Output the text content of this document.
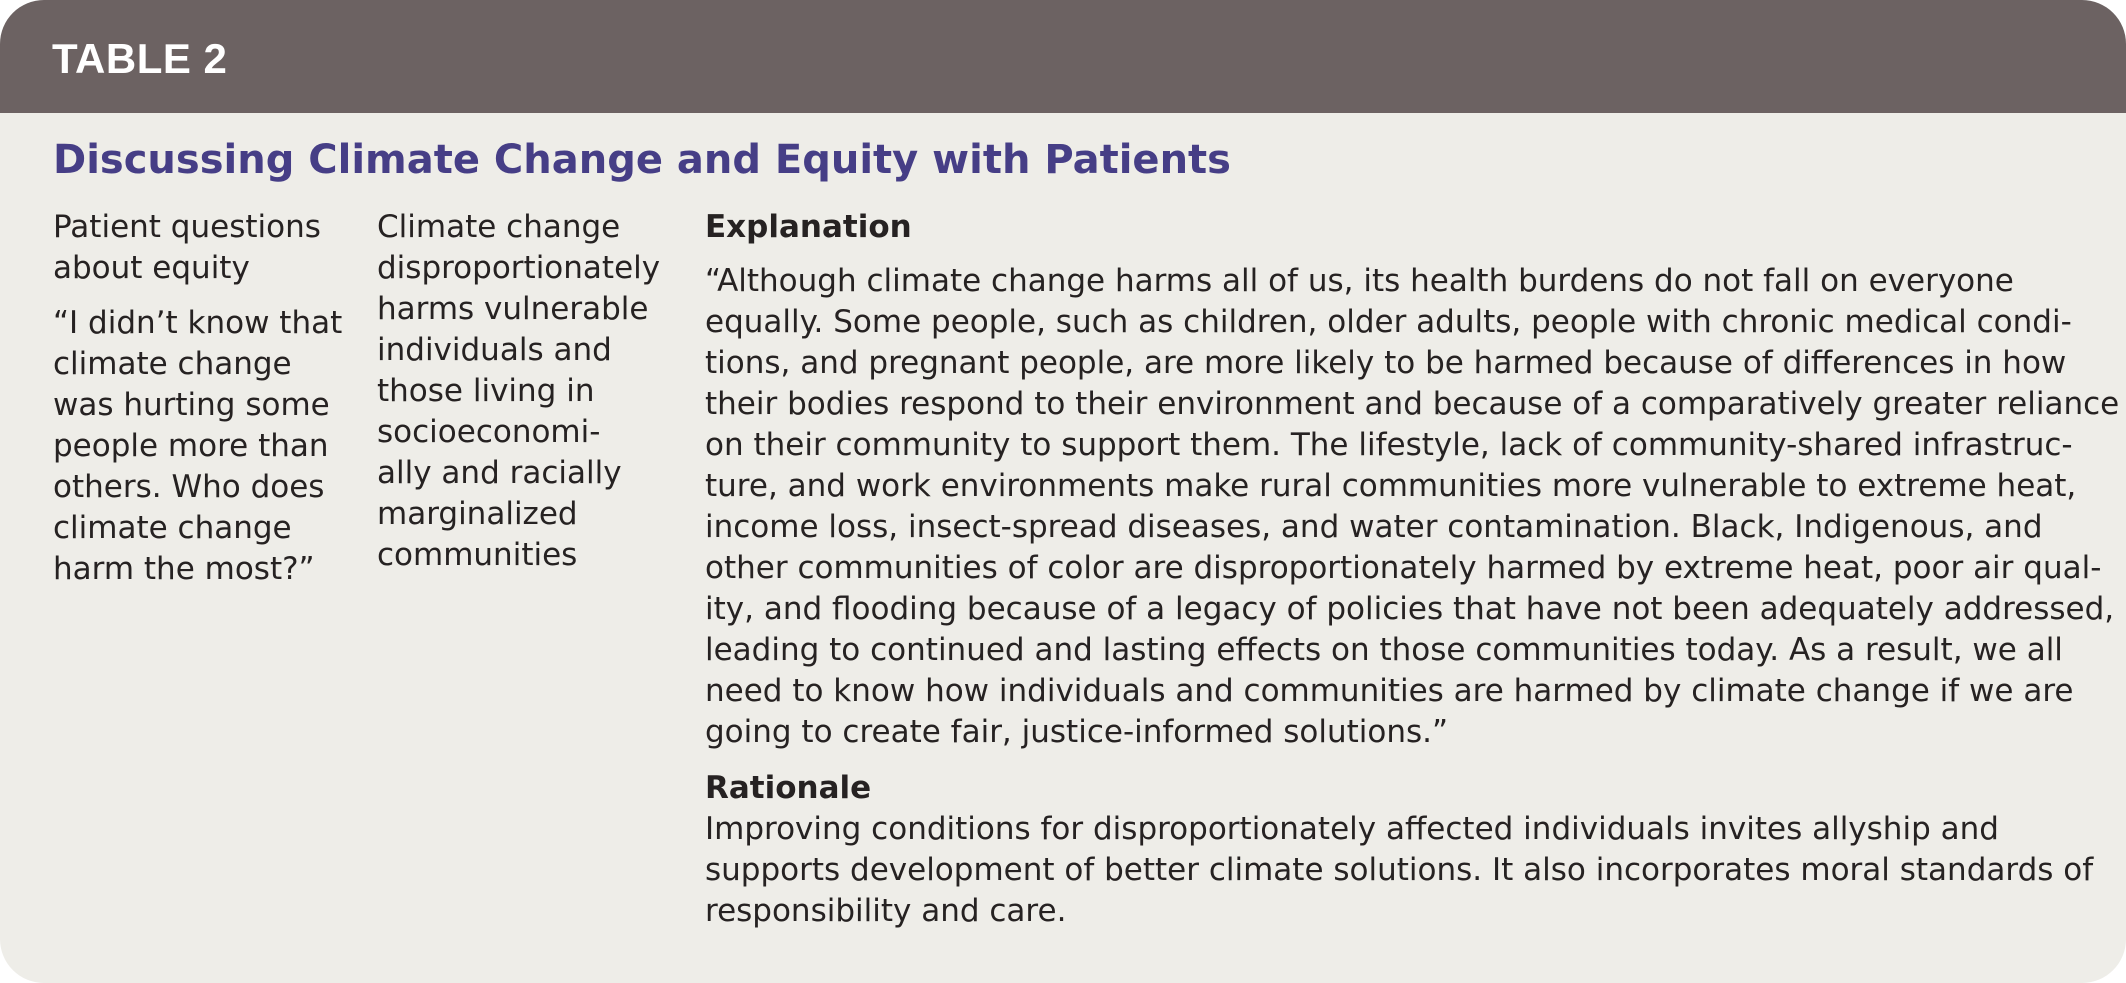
TABLE 2
Discussing Climate Change and Equity with Patients

Patient questions
about equity

“I didn’t know that
climate change
was hurting some
people more than
others. Who does
climate change
harm the most?”

Climate change
disproportionately
harms vulnerable
individuals and
those living in
socioeconomi-
ally and racially
marginalized
communities

Explanation

“Although climate change harms all of us, its health burdens do not fall on everyone
equally. Some people, such as children, older adults, people with chronic medical condi-
tions, and pregnant people, are more likely to be harmed because of differences in how
their bodies respond to their environment and because of a comparatively greater reliance
on their community to support them. The lifestyle, lack of community-shared infrastruc-
ture, and work environments make rural communities more vulnerable to extreme heat,
income loss, insect-spread diseases, and water contamination. Black, Indigenous, and
other communities of color are disproportionately harmed by extreme heat, poor air qual-
ity, and flooding because of a legacy of policies that have not been adequately addressed,
leading to continued and lasting effects on those communities today. As a result, we all
need to know how individuals and communities are harmed by climate change if we are
going to create fair, justice-informed solutions.”

Rationale

Improving conditions for disproportionately affected individuals invites allyship and
supports development of better climate solutions. It also incorporates moral standards of
responsibility and care.
